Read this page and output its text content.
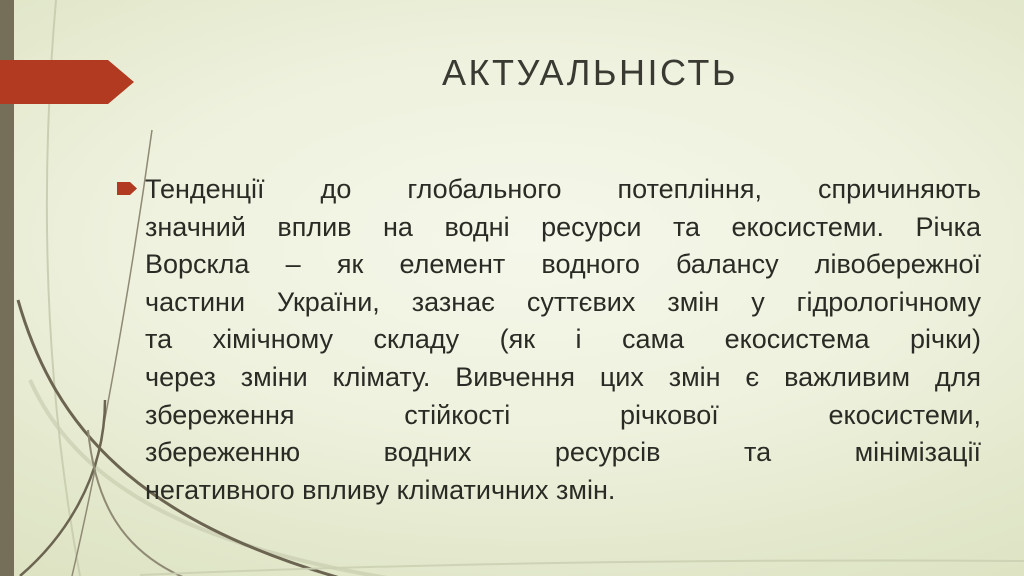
АКТУАЛЬНІСТЬ
Тенденції до глобального потепління, спричиняють
значний вплив на водні ресурси та екосистеми. Річка
Ворскла – як елемент водного балансу лівобережної
частини України, зазнає суттєвих змін у гідрологічному
та хімічному складу (як і сама екосистема річки)
через зміни клімату. Вивчення цих змін є важливим для
збереження стійкості річкової екосистеми,
збереженню водних ресурсів та мінімізації
негативного впливу кліматичних змін.
